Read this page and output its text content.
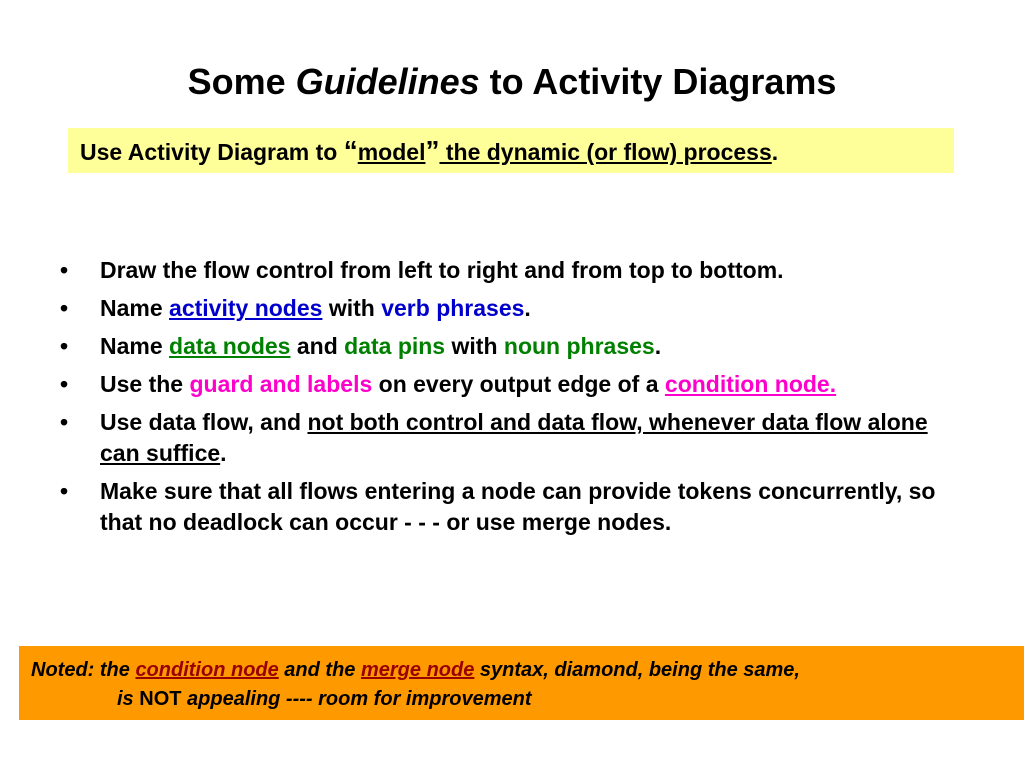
Some Guidelines to Activity Diagrams
Use Activity Diagram to “model” the dynamic (or flow) process.
• Draw the flow control from left to right and from top to bottom.
• Name activity nodes with verb phrases.
• Name data nodes and data pins with noun phrases.
• Use the guard and labels on every output edge of a condition node.
• Use data flow, and not both control and data flow, whenever data flow alone can suffice.
• Make sure that all flows entering a node can provide tokens concurrently, so that no deadlock can occur - - - or use merge nodes.
Noted: the condition node and the merge node syntax, diamond, being the same,
is NOT appealing ---- room for improvement
